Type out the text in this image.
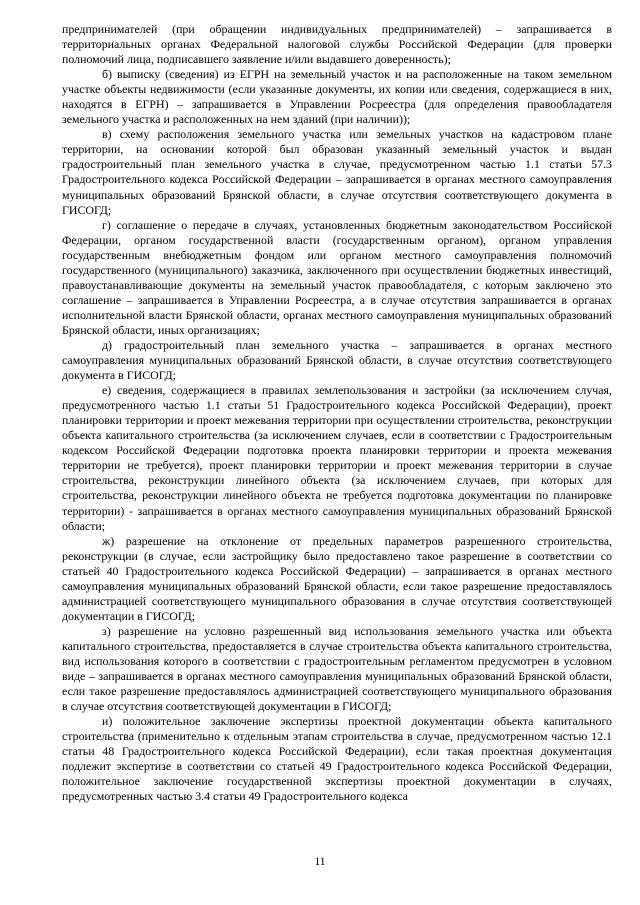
предпринимателей (при обращении индивидуальных предпринимателей) – запрашивается в территориальных органах Федеральной налоговой службы Российской Федерации (для проверки полномочий лица, подписавшего заявление и/или выдавшего доверенность);

б) выписку (сведения) из ЕГРН на земельный участок и на расположенные на таком земельном участке объекты недвижимости (если указанные документы, их копии или сведения, содержащиеся в них, находятся в ЕГРН) – запрашивается в Управлении Росреестра (для определения правообладателя земельного участка и расположенных на нем зданий (при наличии));

в) схему расположения земельного участка или земельных участков на кадастровом плане территории, на основании которой был образован указанный земельный участок и выдан градостроительный план земельного участка в случае, предусмотренном частью 1.1 статьи 57.3 Градостроительного кодекса Российской Федерации – запрашивается в органах местного самоуправления муниципальных образований Брянской области, в случае отсутствия соответствующего документа в ГИСОГД;

г) соглашение о передаче в случаях, установленных бюджетным законодательством Российской Федерации, органом государственной власти (государственным органом), органом управления государственным внебюджетным фондом или органом местного самоуправления полномочий государственного (муниципального) заказчика, заключенного при осуществлении бюджетных инвестиций, правоустанавливающие документы на земельный участок правообладателя, с которым заключено это соглашение – запрашивается в Управлении Росреестра, а в случае отсутствия запрашивается в органах исполнительной власти Брянской области, органах местного самоуправления муниципальных образований Брянской области, иных организациях;

д) градостроительный план земельного участка – запрашивается в органах местного самоуправления муниципальных образований Брянской области, в случае отсутствия соответствующего документа в ГИСОГД;

е) сведения, содержащиеся в правилах землепользования и застройки (за исключением случая, предусмотренного частью 1.1 статьи 51 Градостроительного кодекса Российской Федерации), проект планировки территории и проект межевания территории при осуществлении строительства, реконструкции объекта капитального строительства (за исключением случаев, если в соответствии с Градостроительным кодексом Российской Федерации подготовка проекта планировки территории и проекта межевания территории не требуется), проект планировки территории и проект межевания территории в случае строительства, реконструкции линейного объекта (за исключением случаев, при которых для строительства, реконструкции линейного объекта не требуется подготовка документации по планировке территории) - запрашивается в органах местного самоуправления муниципальных образований Брянской области;

ж) разрешение на отклонение от предельных параметров разрешенного строительства, реконструкции (в случае, если застройщику было предоставлено такое разрешение в соответствии со статьей 40 Градостроительного кодекса Российской Федерации) – запрашивается в органах местного самоуправления муниципальных образований Брянской области, если такое разрешение предоставлялось администрацией соответствующего муниципального образования в случае отсутствия соответствующей документации в ГИСОГД;

з) разрешение на условно разрешенный вид использования земельного участка или объекта капитального строительства, предоставляется в случае строительства объекта капитального строительства, вид использования которого в соответствии с градостроительным регламентом предусмотрен в условном виде – запрашивается в органах местного самоуправления муниципальных образований Брянской области, если такое разрешение предоставлялось администрацией соответствующего муниципального образования в случае отсутствия соответствующей документации в ГИСОГД;

и) положительное заключение экспертизы проектной документации объекта капитального строительства (применительно к отдельным этапам строительства в случае, предусмотренном частью 12.1 статьи 48 Градостроительного кодекса Российской Федерации), если такая проектная документация подлежит экспертизе в соответствии со статьей 49 Градостроительного кодекса Российской Федерации, положительное заключение государственной экспертизы проектной документации в случаях, предусмотренных частью 3.4 статьи 49 Градостроительного кодекса

11
